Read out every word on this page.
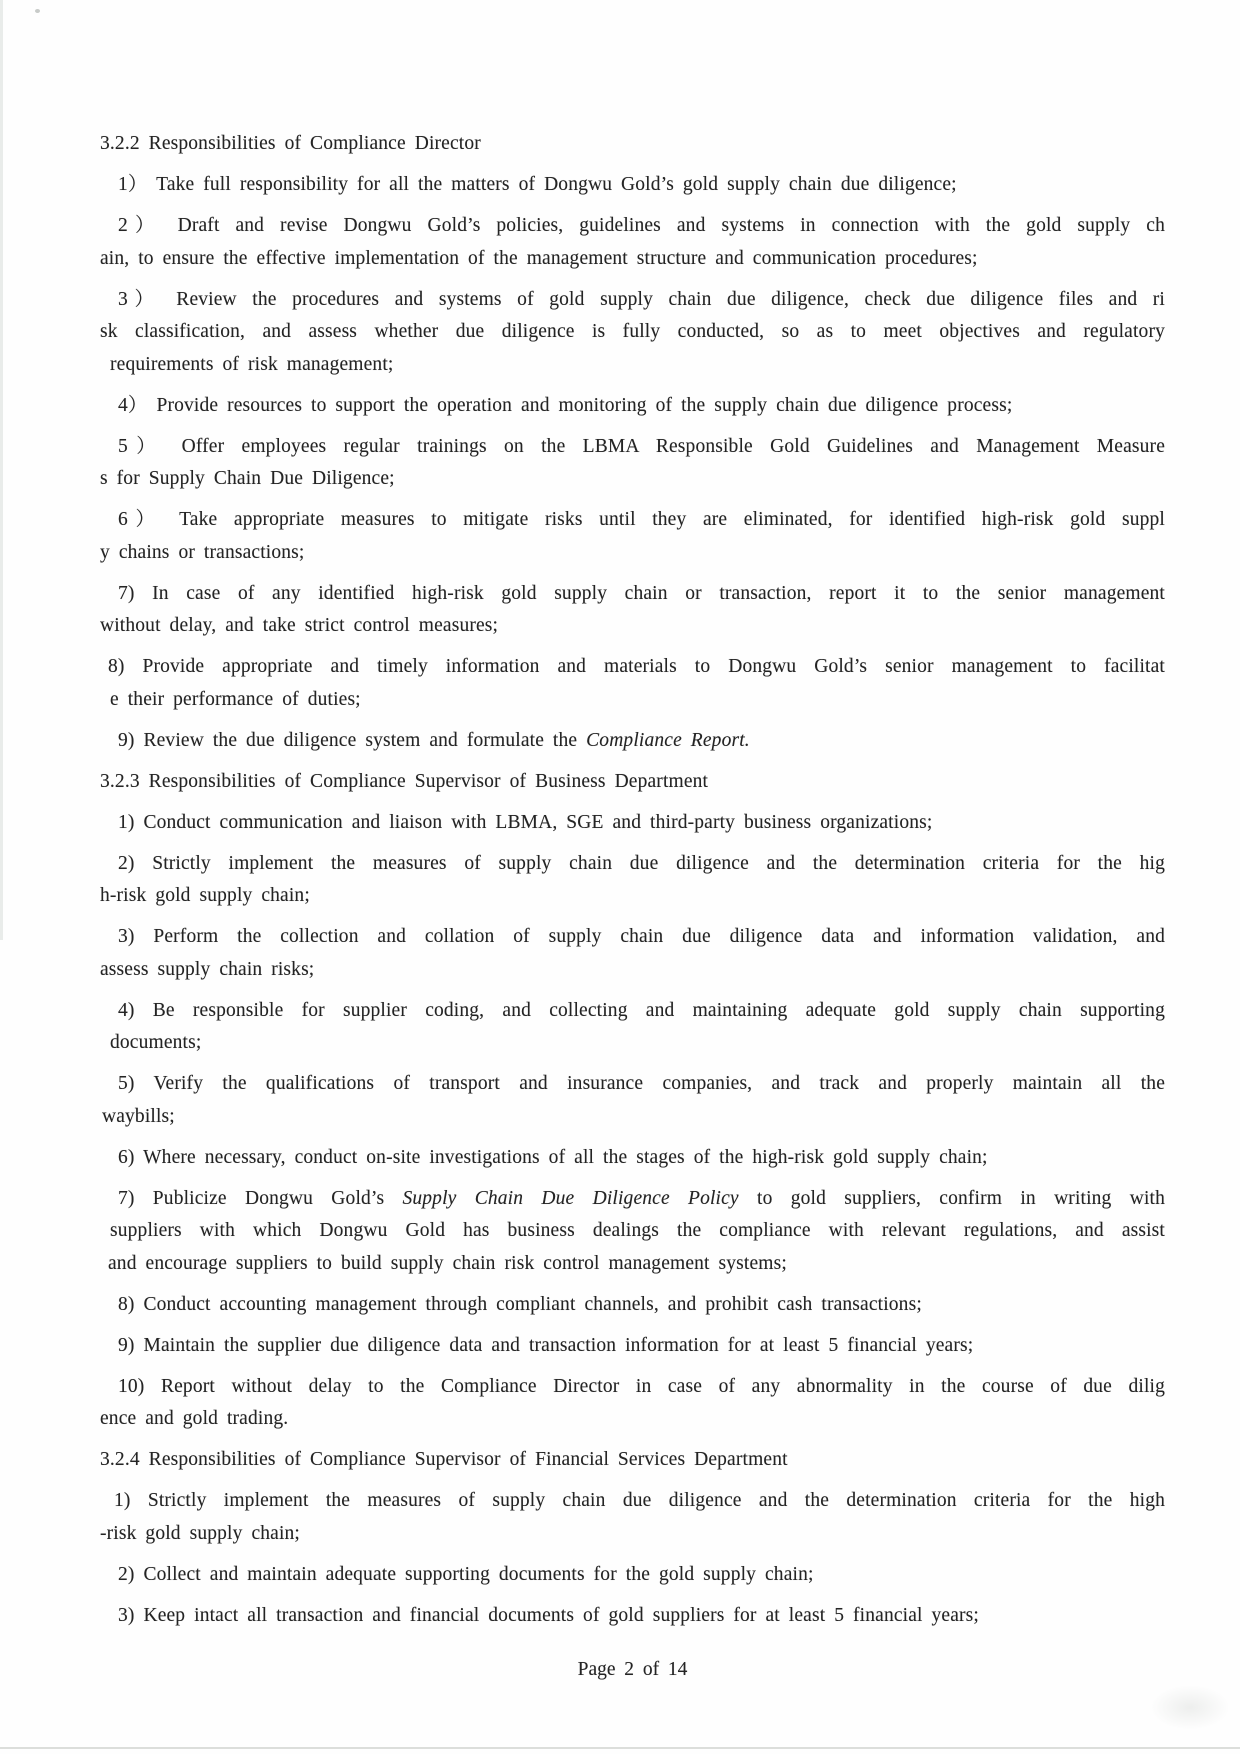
3.2.2 Responsibilities of Compliance Director
1） Take full responsibility for all the matters of Dongwu Gold’s gold supply chain due diligence;
2） Draft and revise Dongwu Gold’s policies, guidelines and systems in connection with the gold supply ch
ain, to ensure the effective implementation of the management structure and communication procedures;
3） Review the procedures and systems of gold supply chain due diligence, check due diligence files and ri
sk classification, and assess whether due diligence is fully conducted, so as to meet objectives and regulatory
requirements of risk management;
4） Provide resources to support the operation and monitoring of the supply chain due diligence process;
5） Offer employees regular trainings on the LBMA Responsible Gold Guidelines and Management Measure
s for Supply Chain Due Diligence;
6） Take appropriate measures to mitigate risks until they are eliminated, for identified high-risk gold suppl
y chains or transactions;
7) In case of any identified high-risk gold supply chain or transaction, report it to the senior management
without delay, and take strict control measures;
8) Provide appropriate and timely information and materials to Dongwu Gold’s senior management to facilitat
e their performance of duties;
9) Review the due diligence system and formulate the Compliance Report.
3.2.3 Responsibilities of Compliance Supervisor of Business Department
1) Conduct communication and liaison with LBMA, SGE and third-party business organizations;
2) Strictly implement the measures of supply chain due diligence and the determination criteria for the hig
h-risk gold supply chain;
3) Perform the collection and collation of supply chain due diligence data and information validation, and
assess supply chain risks;
4) Be responsible for supplier coding, and collecting and maintaining adequate gold supply chain supporting
documents;
5) Verify the qualifications of transport and insurance companies, and track and properly maintain all the
waybills;
6) Where necessary, conduct on-site investigations of all the stages of the high-risk gold supply chain;
7) Publicize Dongwu Gold’s Supply Chain Due Diligence Policy to gold suppliers, confirm in writing with
suppliers with which Dongwu Gold has business dealings the compliance with relevant regulations, and assist
and encourage suppliers to build supply chain risk control management systems;
8) Conduct accounting management through compliant channels, and prohibit cash transactions;
9) Maintain the supplier due diligence data and transaction information for at least 5 financial years;
10) Report without delay to the Compliance Director in case of any abnormality in the course of due dilig
ence and gold trading.
3.2.4 Responsibilities of Compliance Supervisor of Financial Services Department
1) Strictly implement the measures of supply chain due diligence and the determination criteria for the high
-risk gold supply chain;
2) Collect and maintain adequate supporting documents for the gold supply chain;
3) Keep intact all transaction and financial documents of gold suppliers for at least 5 financial years;
Page 2 of 14
